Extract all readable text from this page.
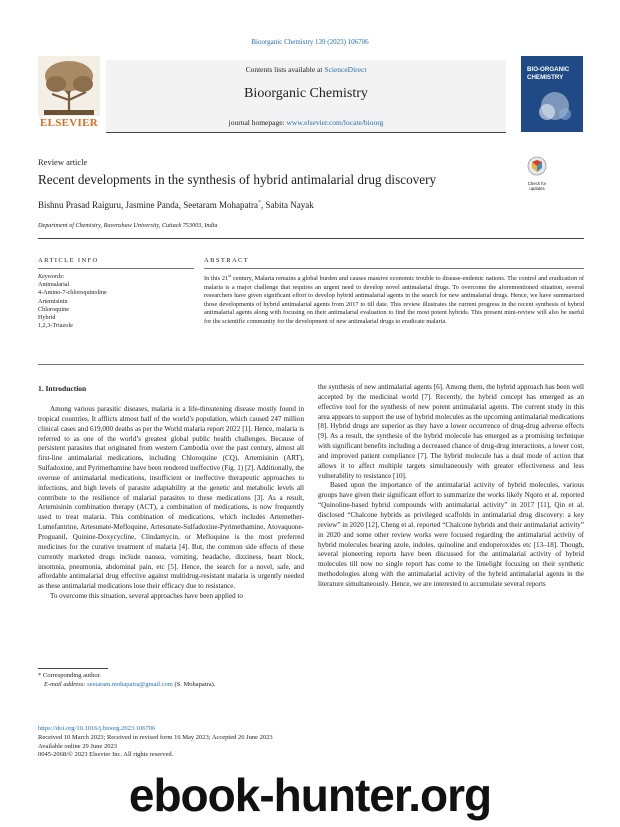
Bioorganic Chemistry 139 (2023) 106706
ELSEVIER
Contents lists available at ScienceDirect
Bioorganic Chemistry
journal homepage: www.elsevier.com/locate/bioorg
BIO-ORGANIC CHEMISTRY
Review article
Recent developments in the synthesis of hybrid antimalarial drug discovery	Check for updates
Bishnu Prasad Raiguru, Jasmine Panda, Seetaram Mohapatra*, Sabita Nayak
Department of Chemistry, Ravenshaw University, Cuttack 753003, India
ARTICLE INFO	ABSTRACT
Keywords:
Antimalarial
4-Amino-7-chloroquinoline
Artemisinin
Chloroquine
Hybrid
1,2,3-Triazole
In this 21st century, Malaria remains a global burden and causes massive economic trouble to disease-endemic nations. The control and eradication of malaria is a major challenge that requires an urgent need to develop novel antimalarial drugs. To overcome the aforementioned situation, several researchers have given significant effort to develop hybrid antimalarial agents in the search for new antimalarial drugs. Hence, we have summarized those developments of hybrid antimalarial agents from 2017 to till date. This review illustrates the current progress in the recent synthesis of hybrid antimalarial agents along with focusing on their antimalarial evaluation to find the most potent hybrids. This present mini-review will also be useful for the scientific community for the development of new antimalarial drugs to eradicate malaria.
1. Introduction

Among various parasitic diseases, malaria is a life-threatening disease mostly found in tropical countries. It afflicts almost half of the world’s population, which caused 247 million clinical cases and 619,000 deaths as per the World malaria report 2022 [1]. Hence, malaria is referred to as one of the world’s greatest global public health challenges. Because of persistent parasites that originated from western Cambodia over the past century, almost all first-line antimalarial medications, including Chloroquine (CQ), Artemisinin (ART), Sulfadoxine, and Pyrimethamine have been rendered ineffective (Fig. 1) [2]. Additionally, the overuse of antimalarial medications, insufficient or ineffective therapeutic approaches to infections, and high levels of parasite adaptability at the genetic and metabolic levels all contribute to the resilience of malarial parasites to these medications [3]. As a result, Artemisinin combination therapy (ACT), a combination of medications, is now frequently used to treat malaria. This combination of medications, which includes Artemether-Lumefantrine, Artesunate-Mefloquine, Artesunate-Sulfadoxine-Pyrimethamine, Atovaquone-Proguanil, Quinine-Doxycycline, Clindamycin, or Mefloquine is the most preferred medicines for the curative treatment of malaria [4]. But, the common side effects of these currently marketed drugs include nausea, vomiting, headache, dizziness, heart block, insomnia, pneumonia, abdominal pain, etc [5]. Hence, the search for a novel, safe, and affordable antimalarial drug effective against multidrug-resistant malaria is urgently needed as these antimalarial medications lose their efficacy due to resistance.

To overcome this situation, several approaches have been applied to

the synthesis of new antimalarial agents [6]. Among them, the hybrid approach has been well accepted by the medicinal world [7]. Recently, the hybrid concept has emerged as an effective tool for the synthesis of new potent antimalarial agents. The current study in this area appears to support the use of hybrid molecules as the upcoming antimalarial medications [8]. Hybrid drugs are superior as they have a lower occurrence of drug-drug adverse effects [9]. As a result, the synthesis of the hybrid molecule has emerged as a promising technique with significant benefits including a decreased chance of drug-drug interactions, a lower cost, and improved patient compliance [7]. The hybrid molecule has a dual mode of action that allows it to affect multiple targets simultaneously with greater effectiveness and less vulnerability to resistance [10].

Based upon the importance of the antimalarial activity of hybrid molecules, various groups have given their significant effort to summarize the works likely Nqoro et al. reported “Quinoline-based hybrid compounds with antimalarial activity” in 2017 [11], Qin et al. disclosed “Chalcone hybrids as privileged scaffolds in antimalarial drug discovery: a key review” in 2020 [12], Cheng et al. reported “Chalcone hybrids and their antimalarial activity” in 2020 and some other review works were focused regarding the antimalarial activity of hybrid molecules bearing azole, indoles, quinoline and endoperoxides etc [13–18]. Though, several pioneering reports have been discussed for the antimalarial activity of hybrid molecules till now no single report has come to the limelight focusing on their synthetic methodologies along with the antimalarial activity of the hybrid antimalarial agents in the literature simultaneously. Hence, we are interested to accumulate several reports

* Corresponding author.
E-mail address: seetaram.mohapatra@gmail.com (S. Mohapatra).
https://doi.org/10.1016/j.bioorg.2023.106706
Received 10 March 2023; Received in revised form 16 May 2023; Accepted 26 June 2023
Available online 29 June 2023
0045-2068/© 2023 Elsevier Inc. All rights reserved.
ebook-hunter.org
